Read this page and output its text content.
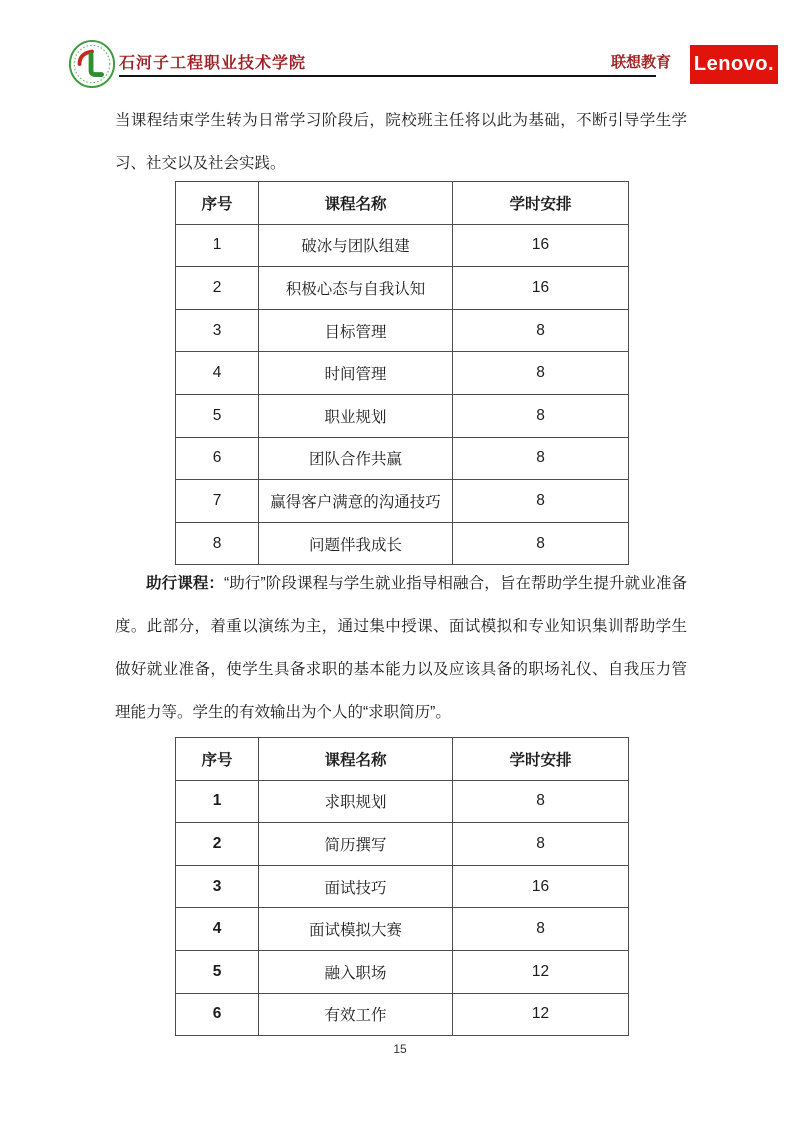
石河子工程职业技术学院	联想教育 Lenovo.

当课程结束学生转为日常学习阶段后，院校班主任将以此为基础，不断引导学生学习、社交以及社会实践。

序号	课程名称	学时安排
1	破冰与团队组建	16
2	积极心态与自我认知	16
3	目标管理	8
4	时间管理	8
5	职业规划	8
6	团队合作共赢	8
7	赢得客户满意的沟通技巧	8
8	问题伴我成长	8

助行课程：“助行”阶段课程与学生就业指导相融合，旨在帮助学生提升就业准备度。此部分，着重以演练为主，通过集中授课、面试模拟和专业知识集训帮助学生做好就业准备，使学生具备求职的基本能力以及应该具备的职场礼仪、自我压力管理能力等。学生的有效输出为个人的“求职简历”。

序号	课程名称	学时安排
1	求职规划	8
2	简历撰写	8
3	面试技巧	16
4	面试模拟大赛	8
5	融入职场	12
6	有效工作	12
15
